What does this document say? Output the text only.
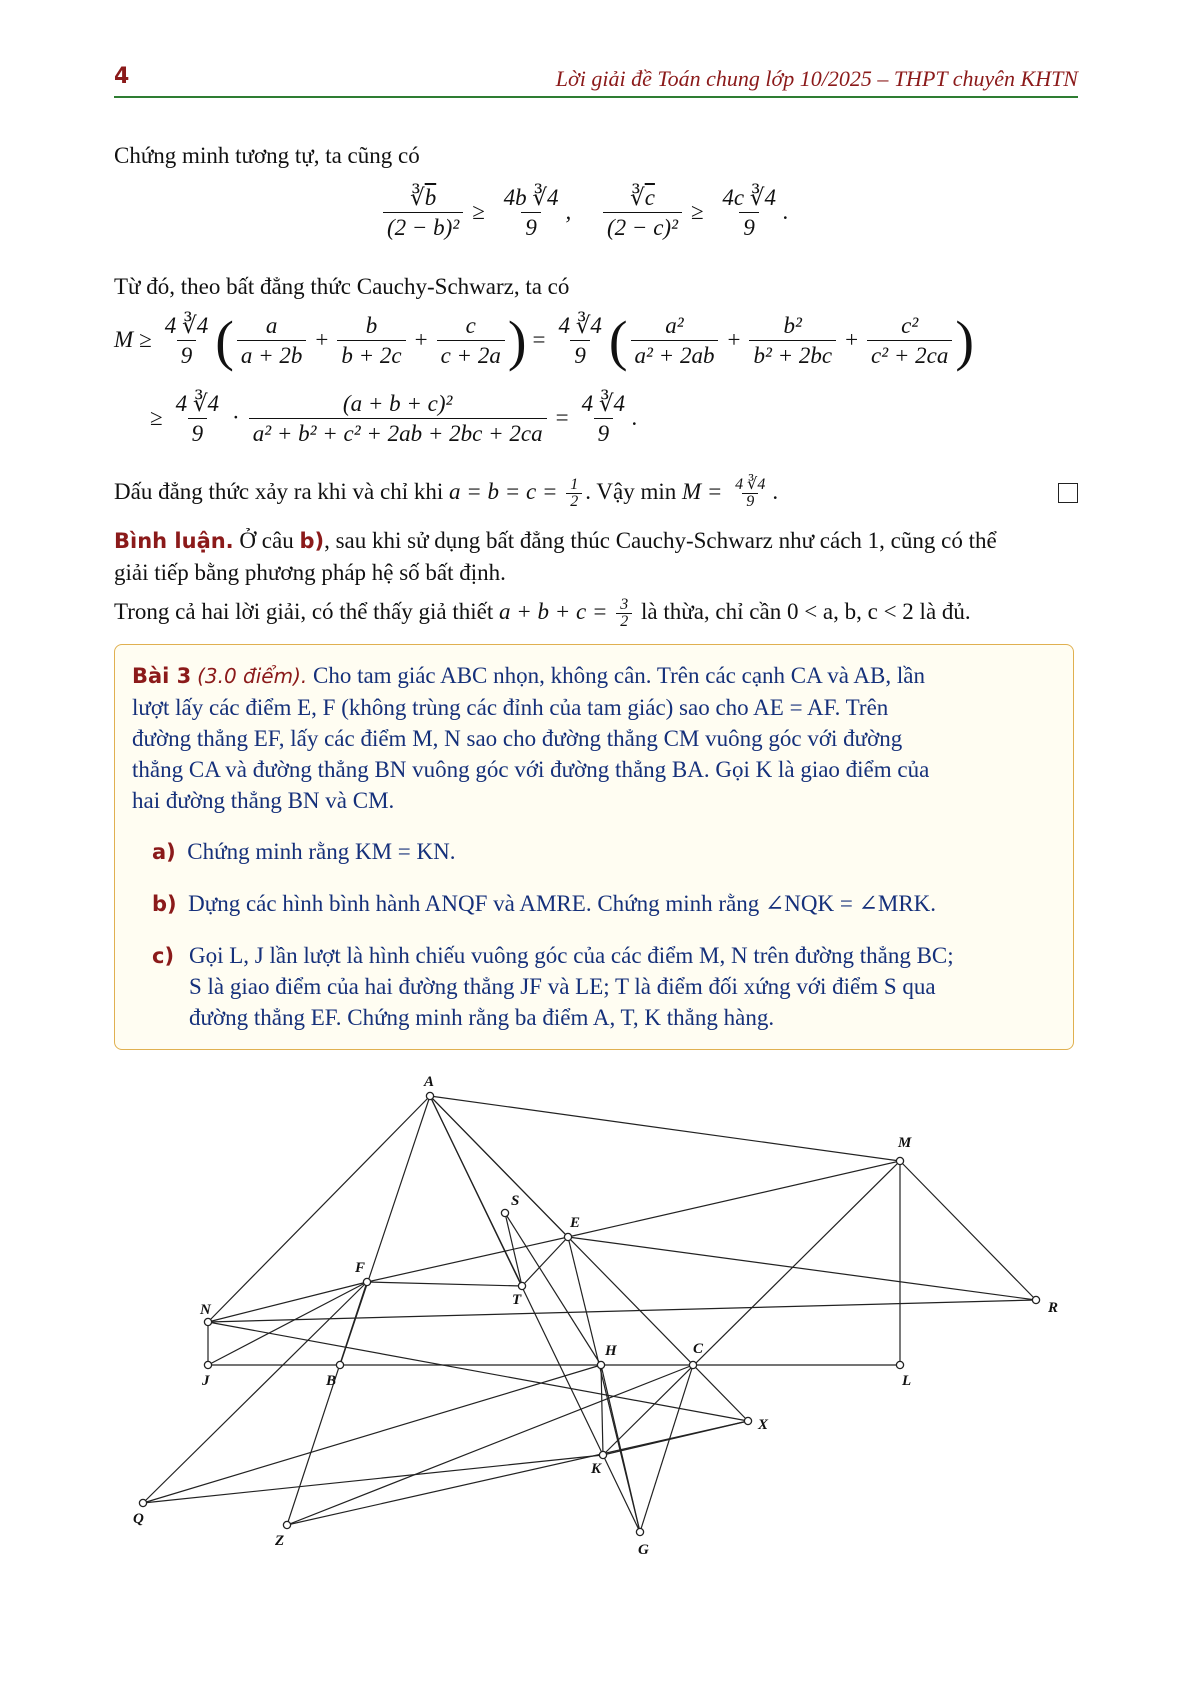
4	Lời giải đề Toán chung lớp 10/2025 – THPT chuyên KHTN
Chứng minh tương tự, ta cũng có
$\frac{∛\overline{b}}{\text{(2 − b)²}} \ge \frac{4b ∛4}{9}$ , $\frac{∛\overline{c}}{\text{(2 − c)²}} \ge \frac{4c ∛4}{9}$ .
Từ đó, theo bất đẳng thức Cauchy-Schwarz, ta có
$M \ge \frac{4 ∛4}{9}$ ( $\frac{a}{a + 2b} + \frac{b}{b + 2c} + \frac{c}{c + 2a}$ ) = $\frac{4 ∛4}{9}$ ( $\frac{\text{a²}}{\text{a² + 2ab}} + \frac{\text{b²}}{\text{b² + 2bc}} + \frac{\text{c²}}{\text{c² + 2ca}}$ )
≥ $\frac{4 ∛4}{9} \cdot \frac{\text{(a + b + c)²}}{\text{a² + b² + c² + 2ab + 2bc + 2ca}} = \frac{4 ∛4}{9}$ .
Dấu đẳng thức xảy ra khi và chỉ khi $a = b = c = \frac{1}{2}$ . Vậy $\min M = \frac{4 ∛4}{9}$ .
Bình luận. Ở câu b), sau khi sử dụng bất đẳng thúc Cauchy-Schwarz như cách 1, cũng có thể
giải tiếp bằng phương pháp hệ số bất định.
Trong cả hai lời giải, có thể thấy giả thiết $a + b + c = \frac{3}{2}$ là thừa, chỉ cần 0 < a, b, c < 2 là đủ.
Bài 3 (3.0 điểm). Cho tam giác ABC nhọn, không cân. Trên các cạnh CA và AB, lần
lượt lấy các điểm E, F (không trùng các đỉnh của tam giác) sao cho AE = AF. Trên
đường thẳng EF, lấy các điểm M, N sao cho đường thẳng CM vuông góc với đường
thẳng CA và đường thẳng BN vuông góc với đường thẳng BA. Gọi K là giao điểm của
hai đường thẳng BN và CM.
a) Chứng minh rằng KM = KN.
b) Dựng các hình bình hành ANQF và AMRE. Chứng minh rằng ∠NQK = ∠MRK.
c) Gọi L, J lần lượt là hình chiếu vuông góc của các điểm M, N trên đường thẳng BC;
S là giao điểm của hai đường thẳng JF và LE; T là điểm đối xứng với điểm S qua
đường thẳng EF. Chứng minh rằng ba điểm A, T, K thẳng hàng.
A
M
S
E
F
T
N	R
H	C
J	B	L
X
K
Q
Z
G
